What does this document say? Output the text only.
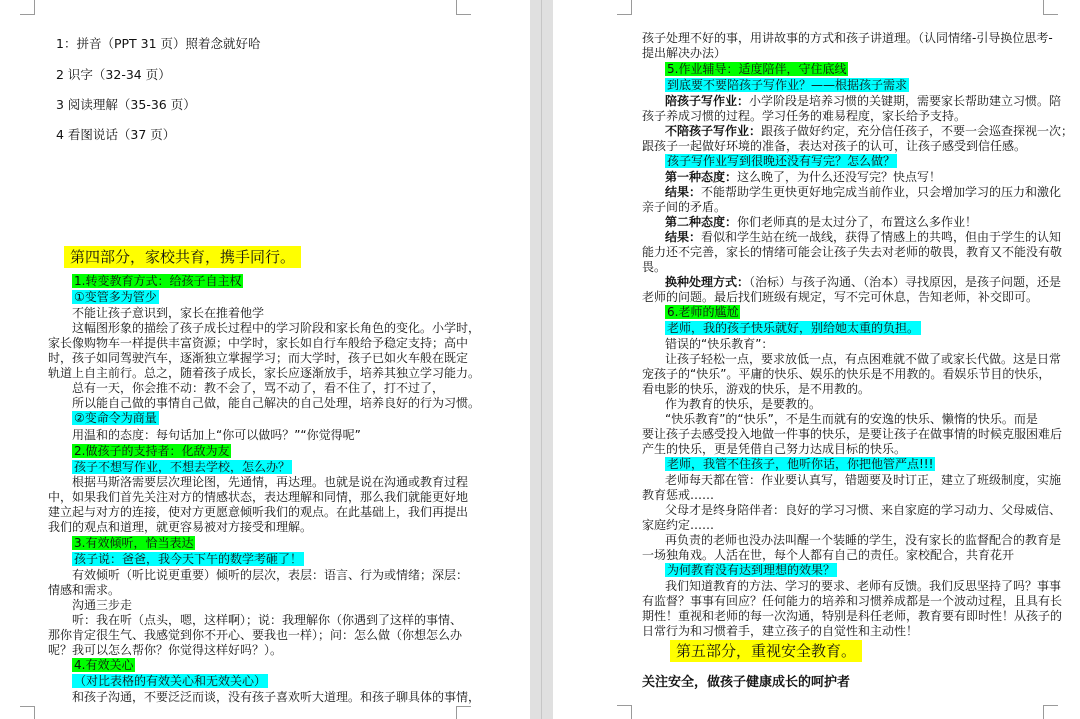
1：拼音（PPT 31 页）照着念就好哈
2 识字（32-34 页）
3 阅读理解（35-36 页）
4 看图说话（37 页）
第四部分，家校共育，携手同行。
1.转变教育方式：给孩子自主权
①变管多为管少
不能让孩子意识到，家长在推着他学
这幅图形象的描绘了孩子成长过程中的学习阶段和家长角色的变化。小学时，
家长像购物车一样提供丰富资源；中学时，家长如自行车般给予稳定支持；高中
时，孩子如同驾驶汽车，逐渐独立掌握学习；而大学时，孩子已如火车般在既定
轨道上自主前行。总之，随着孩子成长，家长应逐渐放手，培养其独立学习能力。
总有一天，你会推不动：教不会了，骂不动了，看不住了，打不过了，
所以能自己做的事情自己做，能自己解决的自己处理，培养良好的行为习惯。
②变命令为商量
用温和的态度：每句话加上“你可以做吗？”“你觉得呢”
2.做孩子的支持者：化敌为友
孩子不想写作业，不想去学校，怎么办？
根据马斯洛需要层次理论图，先通情，再达理。也就是说在沟通或教育过程
中，如果我们首先关注对方的情感状态，表达理解和同情，那么我们就能更好地
建立起与对方的连接，使对方更愿意倾听我们的观点。在此基础上，我们再提出
我们的观点和道理，就更容易被对方接受和理解。
3.有效倾听，恰当表达
孩子说：爸爸，我今天下午的数学考砸了！
有效倾听（听比说更重要）倾听的层次，表层：语言、行为或情绪；深层：
情感和需求。
沟通三步走
听：我在听（点头，嗯，这样啊）；说：我理解你（你遇到了这样的事情、
那你肯定很生气、我感觉到你不开心、要我也一样）；问：怎么做（你想怎么办
呢？我可以怎么帮你？你觉得这样好吗？）。
4.有效关心
（对比表格的有效关心和无效关心）
和孩子沟通，不要泛泛而谈，没有孩子喜欢听大道理。和孩子聊具体的事情，
孩子处理不好的事，用讲故事的方式和孩子讲道理。（认同情绪-引导换位思考-
提出解决办法）
5.作业辅导：适度陪伴，守住底线
到底要不要陪孩子写作业？——根据孩子需求
陪孩子写作业：小学阶段是培养习惯的关键期，需要家长帮助建立习惯。陪
孩子养成习惯的过程。学习任务的难易程度，家长给予支持。
不陪孩子写作业：跟孩子做好约定，充分信任孩子，不要一会巡查探视一次；
跟孩子一起做好环境的准备，表达对孩子的认可，让孩子感受到信任感。
孩子写作业写到很晚还没有写完？怎么做？
第一种态度：这么晚了，为什么还没写完？快点写！
结果：不能帮助学生更快更好地完成当前作业，只会增加学习的压力和激化
亲子间的矛盾。
第二种态度：你们老师真的是太过分了，布置这么多作业！
结果：看似和学生站在统一战线，获得了情感上的共鸣，但由于学生的认知
能力还不完善，家长的情绪可能会让孩子失去对老师的敬畏，教育又不能没有敬
畏。
换种处理方式：（治标）与孩子沟通、（治本）寻找原因，是孩子问题，还是
老师的问题。最后找们班级有规定，写不完可休息，告知老师，补交即可。
6.老师的尴尬
老师，我的孩子快乐就好，别给她太重的负担。
错误的“快乐教育”：
让孩子轻松一点，要求放低一点，有点困难就不做了或家长代做。这是日常
宠孩子的“快乐”。平庸的快乐、娱乐的快乐是不用教的。看娱乐节目的快乐，
看电影的快乐，游戏的快乐，是不用教的。
作为教育的快乐，是要教的。
“快乐教育”的“快乐”，不是生而就有的安逸的快乐、懒惰的快乐。而是
要让孩子去感受投入地做一件事的快乐，是要让孩子在做事情的时候克服困难后
产生的快乐，更是凭借自己努力达成目标的快乐。
老师，我管不住孩子，他听你话，你把他管严点!!!
老师每天都在管：作业要认真写，错题要及时订正，建立了班级制度，实施
教育惩戒……
父母才是终身陪伴者：良好的学习习惯、来自家庭的学习动力、父母威信、
家庭约定……
再负责的老师也没办法叫醒一个装睡的学生，没有家长的监督配合的教育是
一场独角戏。人活在世，每个人都有自己的责任。家校配合，共育花开
为何教育没有达到理想的效果？
我们知道教育的方法、学习的要求、老师有反馈。我们反思坚持了吗？事事
有监督？事事有回应？任何能力的培养和习惯养成都是一个波动过程，且具有长
期性！重视和老师的每一次沟通，特别是科任老师，教育要有即时性！从孩子的
日常行为和习惯着手，建立孩子的自觉性和主动性！
第五部分，重视安全教育。
关注安全，做孩子健康成长的呵护者
